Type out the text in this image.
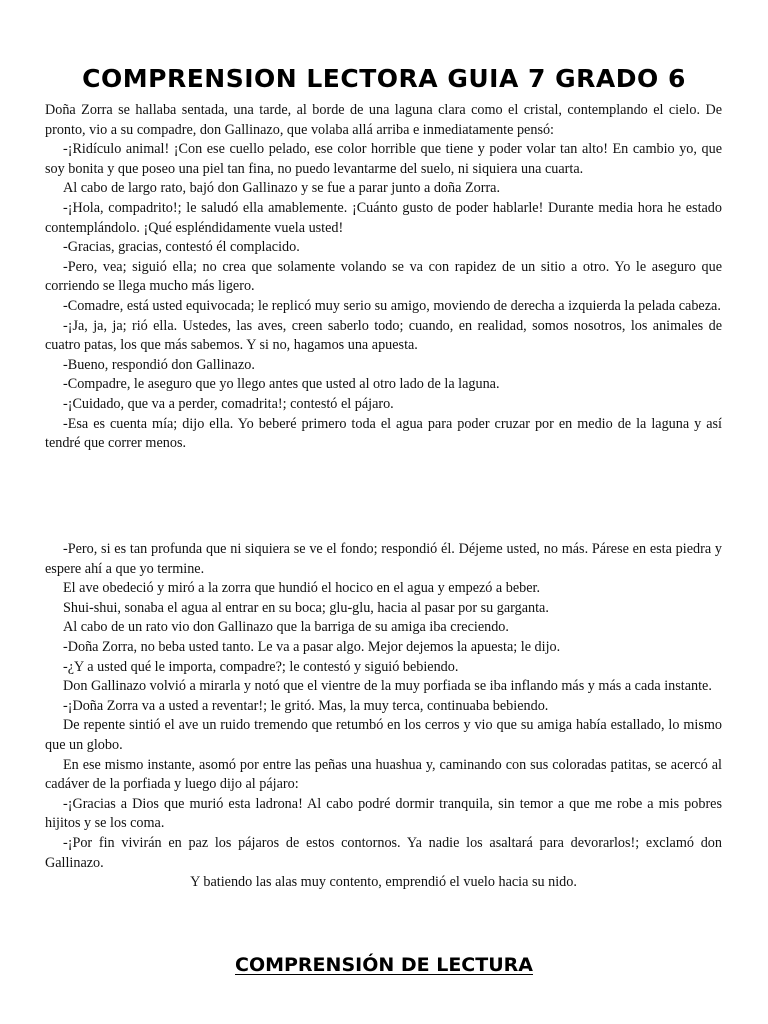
COMPRENSION LECTORA GUIA 7 GRADO 6

Doña Zorra se hallaba sentada, una tarde, al borde de una laguna clara como el cristal, contemplando el cielo. De pronto, vio a su compadre, don Gallinazo, que volaba allá arriba e inmediatamente pensó:

-¡Ridículo animal! ¡Con ese cuello pelado, ese color horrible que tiene y poder volar tan alto! En cambio yo, que soy bonita y que poseo una piel tan fina, no puedo levantarme del suelo, ni siquiera una cuarta.

Al cabo de largo rato, bajó don Gallinazo y se fue a parar junto a doña Zorra.

-¡Hola, compadrito!; le saludó ella amablemente. ¡Cuánto gusto de poder hablarle! Durante media hora he estado contemplándolo. ¡Qué espléndidamente vuela usted!

-Gracias, gracias, contestó él complacido.

-Pero, vea; siguió ella; no crea que solamente volando se va con rapidez de un sitio a otro. Yo le aseguro que corriendo se llega mucho más ligero.

-Comadre, está usted equivocada; le replicó muy serio su amigo, moviendo de derecha a izquierda la pelada cabeza.

-¡Ja, ja, ja; rió ella. Ustedes, las aves, creen saberlo todo; cuando, en realidad, somos nosotros, los animales de cuatro patas, los que más sabemos. Y si no, hagamos una apuesta.

-Bueno, respondió don Gallinazo.

-Compadre, le aseguro que yo llego antes que usted al otro lado de la laguna.

-¡Cuidado, que va a perder, comadrita!; contestó el pájaro.

-Esa es cuenta mía; dijo ella. Yo beberé primero toda el agua para poder cruzar por en medio de la laguna y así tendré que correr menos.

-Pero, si es tan profunda que ni siquiera se ve el fondo; respondió él. Déjeme usted, no más. Párese en esta piedra y espere ahí a que yo termine.

El ave obedeció y miró a la zorra que hundió el hocico en el agua y empezó a beber.

Shui-shui, sonaba el agua al entrar en su boca; glu-glu, hacia al pasar por su garganta.

Al cabo de un rato vio don Gallinazo que la barriga de su amiga iba creciendo.

-Doña Zorra, no beba usted tanto. Le va a pasar algo. Mejor dejemos la apuesta; le dijo.

-¿Y a usted qué le importa, compadre?; le contestó y siguió bebiendo.

Don Gallinazo volvió a mirarla y notó que el vientre de la muy porfiada se iba inflando más y más a cada instante.

-¡Doña Zorra va a usted a reventar!; le gritó. Mas, la muy terca, continuaba bebiendo.

De repente sintió el ave un ruido tremendo que retumbó en los cerros y vio que su amiga había estallado, lo mismo que un globo.

En ese mismo instante, asomó por entre las peñas una huashua y, caminando con sus coloradas patitas, se acercó al cadáver de la porfiada y luego dijo al pájaro:

-¡Gracias a Dios que murió esta ladrona! Al cabo podré dormir tranquila, sin temor a que me robe a mis pobres hijitos y se los coma.

-¡Por fin vivirán en paz los pájaros de estos contornos. Ya nadie los asaltará para devorarlos!; exclamó don Gallinazo.

Y batiendo las alas muy contento, emprendió el vuelo hacia su nido.

COMPRENSIÓN DE LECTURA
